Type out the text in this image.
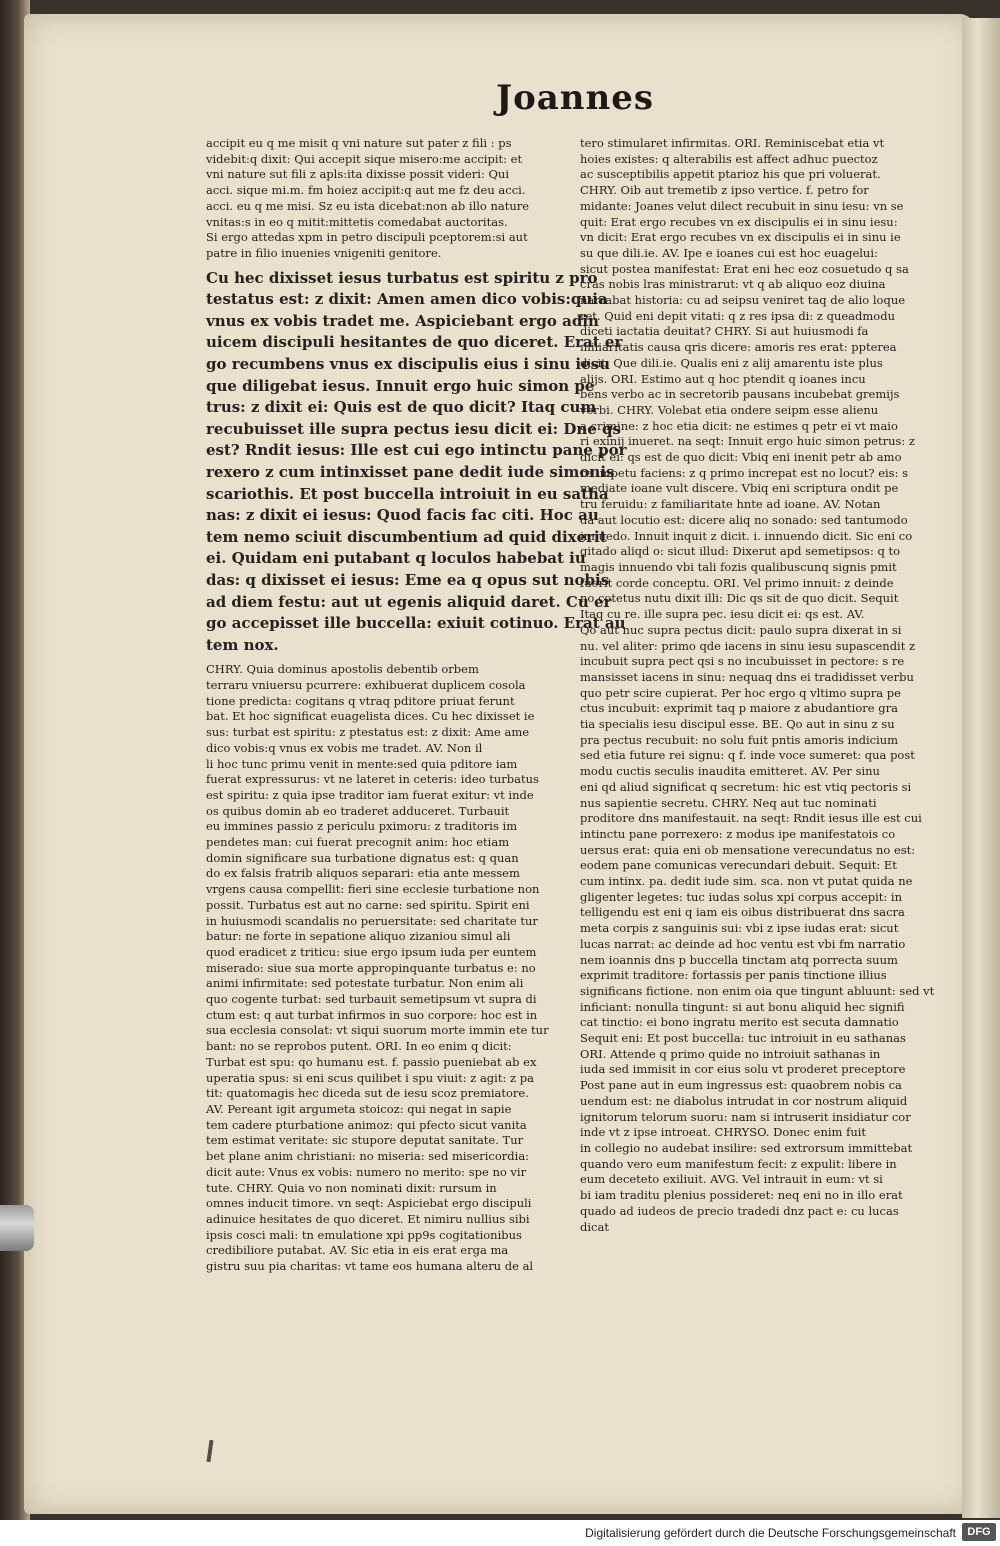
Joannes

accipit eu q me misit q vni nature sut pater z fili : ps

videbit:q dixit: Qui accepit sique misero:me accipit: et

vni nature sut fili z apls:ita dixisse possit videri: Qui

acci. sique mi.m. fm hoiez accipit:q aut me fz deu acci.

acci. eu q me misi. Sz eu ista dicebat:non ab illo nature

vnitas:s in eo q mitit:mittetis comedabat auctoritas.

Si ergo attedas xpm in petro discipuli pceptorem:si aut

patre in filio inuenies vnigeniti genitore.

Cu hec dixisset iesus turbatus est spiritu z pro

testatus est: z dixit: Amen amen dico vobis:quia

vnus ex vobis tradet me. Aspiciebant ergo adin

uicem discipuli hesitantes de quo diceret. Erat er

go recumbens vnus ex discipulis eius i sinu iesu

que diligebat iesus. Innuit ergo huic simon pe

trus: z dixit ei: Quis est de quo dicit? Itaq cum

recubuisset ille supra pectus iesu dicit ei: Dne qs

est? Rndit iesus: Ille est cui ego intinctu pane por

rexero z cum intinxisset pane dedit iude simonis

scariothis. Et post buccella introiuit in eu satha

nas: z dixit ei iesus: Quod facis fac citi. Hoc au

tem nemo sciuit discumbentium ad quid dixerit

ei. Quidam eni putabant q loculos habebat iu

das: q dixisset ei iesus: Eme ea q opus sut nobis

ad diem festu: aut ut egenis aliquid daret. Cu er

go accepisset ille buccella: exiuit cotinuo. Erat au

tem nox.

CHRY. Quia dominus apostolis debentib orbem

terraru vniuersu pcurrere: exhibuerat duplicem cosola

tione predicta: cogitans q vtraq pditore priuat ferunt

bat. Et hoc significat euagelista dices. Cu hec dixisset ie

sus: turbat est spiritu: z ptestatus est: z dixit: Ame ame

dico vobis:q vnus ex vobis me tradet. AV. Non il

li hoc tunc primu venit in mente:sed quia pditore iam

fuerat expressurus: vt ne lateret in ceteris: ideo turbatus

est spiritu: z quia ipse traditor iam fuerat exitur: vt inde

os quibus domin ab eo traderet adduceret. Turbauit

eu immines passio z periculu pximoru: z traditoris im

pendetes man: cui fuerat precognit anim: hoc etiam

domin significare sua turbatione dignatus est: q quan

do ex falsis fratrib aliquos separari: etia ante messem

vrgens causa compellit: fieri sine ecclesie turbatione non

possit. Turbatus est aut no carne: sed spiritu. Spirit eni

in huiusmodi scandalis no peruersitate: sed charitate tur

batur: ne forte in sepatione aliquo zizaniou simul ali

quod eradicet z triticu: siue ergo ipsum iuda per euntem

miserado: siue sua morte appropinquante turbatus e: no

animi infirmitate: sed potestate turbatur. Non enim ali

quo cogente turbat: sed turbauit semetipsum vt supra di

ctum est: q aut turbat infirmos in suo corpore: hoc est in

sua ecclesia consolat: vt siqui suorum morte immin ete tur

bant: no se reprobos putent. ORI. In eo enim q dicit:

Turbat est spu: qo humanu est. f. passio pueniebat ab ex

uperatia spus: si eni scus quilibet i spu viuit: z agit: z pa

tit: quatomagis hec diceda sut de iesu scoz premiatore.

AV. Pereant igit argumeta stoicoz: qui negat in sapie

tem cadere pturbatione animoz: qui pfecto sicut vanita

tem estimat veritate: sic stupore deputat sanitate. Tur

bet plane anim christiani: no miseria: sed misericordia:

dicit aute: Vnus ex vobis: numero no merito: spe no vir

tute. CHRY. Quia vo non nominati dixit: rursum in

omnes inducit timore. vn seqt: Aspiciebat ergo discipuli

adinuice hesitates de quo diceret. Et nimiru nullius sibi

ipsis cosci mali: tn emulatione xpi pp9s cogitationibus

credibiliore putabat. AV. Sic etia in eis erat erga ma

gistru suu pia charitas: vt tame eos humana alteru de al

tero stimularet infirmitas. ORI. Reminiscebat etia vt

hoies existes: q alterabilis est affect adhuc puectoz

ac susceptibilis appetit ptarioz his que pri voluerat.

CHRY. Oib aut tremetib z ipso vertice. f. petro for

midante: Joanes velut dilect recubuit in sinu iesu: vn se

quit: Erat ergo recubes vn ex discipulis ei in sinu iesu:

vn dicit: Erat ergo recubes vn ex discipulis ei in sinu ie

su que dili.ie. AV. Ipe e ioanes cui est hoc euagelui:

sicut postea manifestat: Erat eni hec eoz cosuetudo q sa

cras nobis lras ministrarut: vt q ab aliquo eoz diuina

narrabat historia: cu ad seipsu veniret taq de alio loque

ret. Quid eni depit vitati: q z res ipsa di: z queadmodu

diceti iactatia deuitat? CHRY. Si aut huiusmodi fa

miliaritatis causa qris dicere: amoris res erat: ppterea

dicit: Que dili.ie. Qualis eni z alij amarentu iste plus

alijs. ORI. Estimo aut q hoc ptendit q ioanes incu

bens verbo ac in secretorib pausans incubebat gremijs

verbi. CHRY. Volebat etia ondere seipm esse alienu

a crimine: z hoc etia dicit: ne estimes q petr ei vt maio

ri exinij inueret. na seqt: Innuit ergo huic simon petrus: z

dicit ei: qs est de quo dicit: Vbiq eni inenit petr ab amo

re impetu faciens: z q primo increpat est no locut? eis: s

mediate ioane vult discere. Vbiq eni scriptura ondit pe

tru feruidu: z familiaritate hnte ad ioane. AV. Notan

da aut locutio est: dicere aliq no sonado: sed tantumodo

innuedo. Innuit inquit z dicit. i. innuendo dicit. Sic eni co

gitado aliqd o: sicut illud: Dixerut apd semetipsos: q to

magis innuendo vbi tali fozis qualibuscunq signis pmit

fuerit corde conceptu. ORI. Vel primo innuit: z deinde

no cotetus nutu dixit illi: Dic qs sit de quo dicit. Sequit

Itaq cu re. ille supra pec. iesu dicit ei: qs est. AV.

Qo aut nuc supra pectus dicit: paulo supra dixerat in si

nu. vel aliter: primo qde iacens in sinu iesu supascendit z

incubuit supra pect qsi s no incubuisset in pectore: s re

mansisset iacens in sinu: nequaq dns ei tradidisset verbu

quo petr scire cupierat. Per hoc ergo q vltimo supra pe

ctus incubuit: exprimit taq p maiore z abudantiore gra

tia specialis iesu discipul esse. BE. Qo aut in sinu z su

pra pectus recubuit: no solu fuit pntis amoris indicium

sed etia future rei signu: q f. inde voce sumeret: qua post

modu cuctis seculis inaudita emitteret. AV. Per sinu

eni qd aliud significat q secretum: hic est vtiq pectoris si

nus sapientie secretu. CHRY. Neq aut tuc nominati

proditore dns manifestauit. na seqt: Rndit iesus ille est cui

intinctu pane porrexero: z modus ipe manifestatois co

uersus erat: quia eni ob mensatione verecundatus no est:

eodem pane comunicas verecundari debuit. Sequit: Et

cum intinx. pa. dedit iude sim. sca. non vt putat quida ne

gligenter legetes: tuc iudas solus xpi corpus accepit: in

telligendu est eni q iam eis oibus distribuerat dns sacra

meta corpis z sanguinis sui: vbi z ipse iudas erat: sicut

lucas narrat: ac deinde ad hoc ventu est vbi fm narratio

nem ioannis dns p buccella tinctam atq porrecta suum

exprimit traditore: fortassis per panis tinctione illius

significans fictione. non enim oia que tingunt abluunt: sed vt

inficiant: nonulla tingunt: si aut bonu aliquid hec signifi

cat tinctio: ei bono ingratu merito est secuta damnatio

Sequit eni: Et post buccella: tuc introiuit in eu sathanas

ORI. Attende q primo quide no introiuit sathanas in

iuda sed immisit in cor eius solu vt proderet preceptore

Post pane aut in eum ingressus est: quaobrem nobis ca

uendum est: ne diabolus intrudat in cor nostrum aliquid

ignitorum telorum suoru: nam si intruserit insidiatur cor

inde vt z ipse introeat. CHRYSO. Donec enim fuit

in collegio no audebat insilire: sed extrorsum immittebat

quando vero eum manifestum fecit: z expulit: libere in

eum deceteto exiliuit. AVG. Vel intrauit in eum: vt si

bi iam traditu plenius possideret: neq eni no in illo erat

quado ad iudeos de precio tradedi dnz pact e: cu lucas

dicat

Digitalisierung gefördert durch die Deutsche Forschungsgemeinschaft	DFG
